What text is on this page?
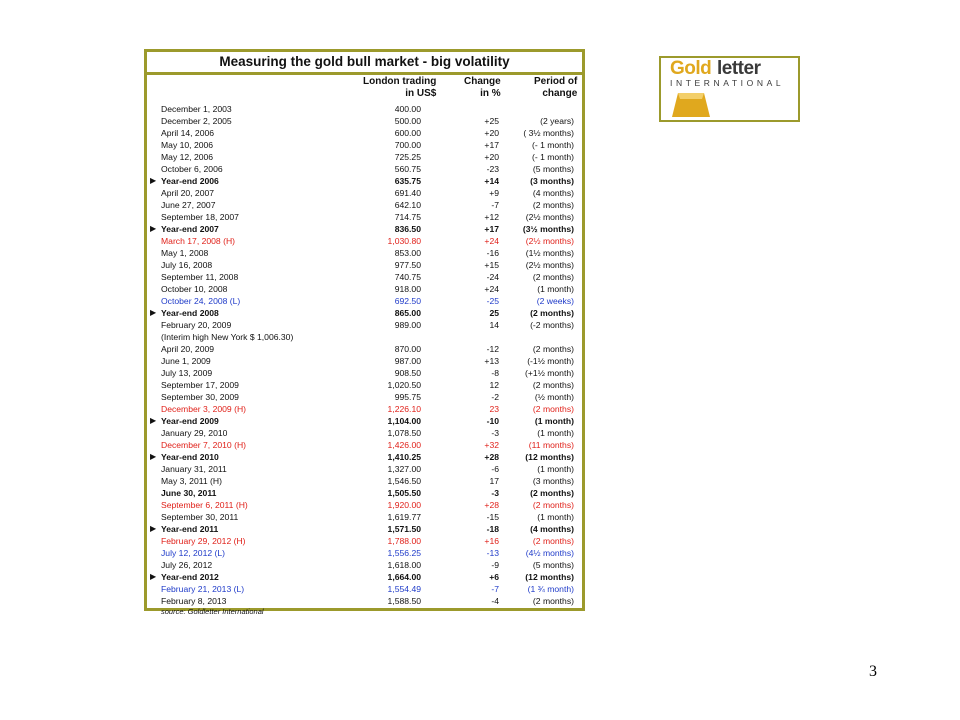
Measuring the gold bull market - big volatility
London trading
in US$
Change
in %
Period of
change
December 1, 2003	400.00
December 2, 2005	500.00	+25	(2 years)
April 14, 2006	600.00	+20	( 3½ months)
May 10, 2006	700.00	+17	(- 1 month)
May 12, 2006	725.25	+20	(- 1 month)
October 6, 2006	560.75	-23	(5 months)
▶ Year-end 2006	635.75	+14	(3 months)
April 20, 2007	691.40	+9	(4 months)
June 27, 2007	642.10	-7	(2 months)
September 18, 2007	714.75	+12	(2½ months)
▶ Year-end 2007	836.50	+17	(3½ months)
March 17, 2008 (H)	1,030.80	+24	(2½ months)
May 1, 2008	853.00	-16	(1½ months)
July 16, 2008	977.50	+15	(2½ months)
September 11, 2008	740.75	-24	(2 months)
October 10, 2008	918.00	+24	(1 month)
October 24, 2008 (L)	692.50	-25	(2 weeks)
▶ Year-end 2008	865.00	25	(2 months)
February 20, 2009	989.00	14	(-2 months)
(Interim high New York $ 1,006.30)
April 20, 2009	870.00	-12	(2 months)
June 1, 2009	987.00	+13	(-1½ month)
July 13, 2009	908.50	-8	(+1½ month)
September 17, 2009	1,020.50	12	(2 months)
September 30, 2009	995.75	-2	(½ month)
December 3, 2009 (H)	1,226.10	23	(2 months)
▶ Year-end 2009	1,104.00	-10	(1 month)
January 29, 2010	1,078.50	-3	(1 month)
December 7, 2010 (H)	1,426.00	+32	(11 months)
▶ Year-end 2010	1,410.25	+28	(12 months)
January 31, 2011	1,327.00	-6	(1 month)
May 3, 2011 (H)	1,546.50	17	(3 months)
June 30, 2011	1,505.50	-3	(2 months)
September 6, 2011 (H)	1,920.00	+28	(2 months)
September 30, 2011	1,619.77	-15	(1 month)
▶ Year-end 2011	1,571.50	-18	(4 months)
February 29, 2012 (H)	1,788.00	+16	(2 months)
July 12, 2012 (L)	1,556.25	-13	(4½ months)
July 26, 2012	1,618.00	-9	(5 months)
▶ Year-end 2012	1,664.00	+6	(12 months)
February 21, 2013 (L)	1,554.49	-7	(1 ¾ month)
February 8, 2013	1,588.50	-4	(2 months)
source: Goldletter International
Gold letter
INTERNATIONAL
3
